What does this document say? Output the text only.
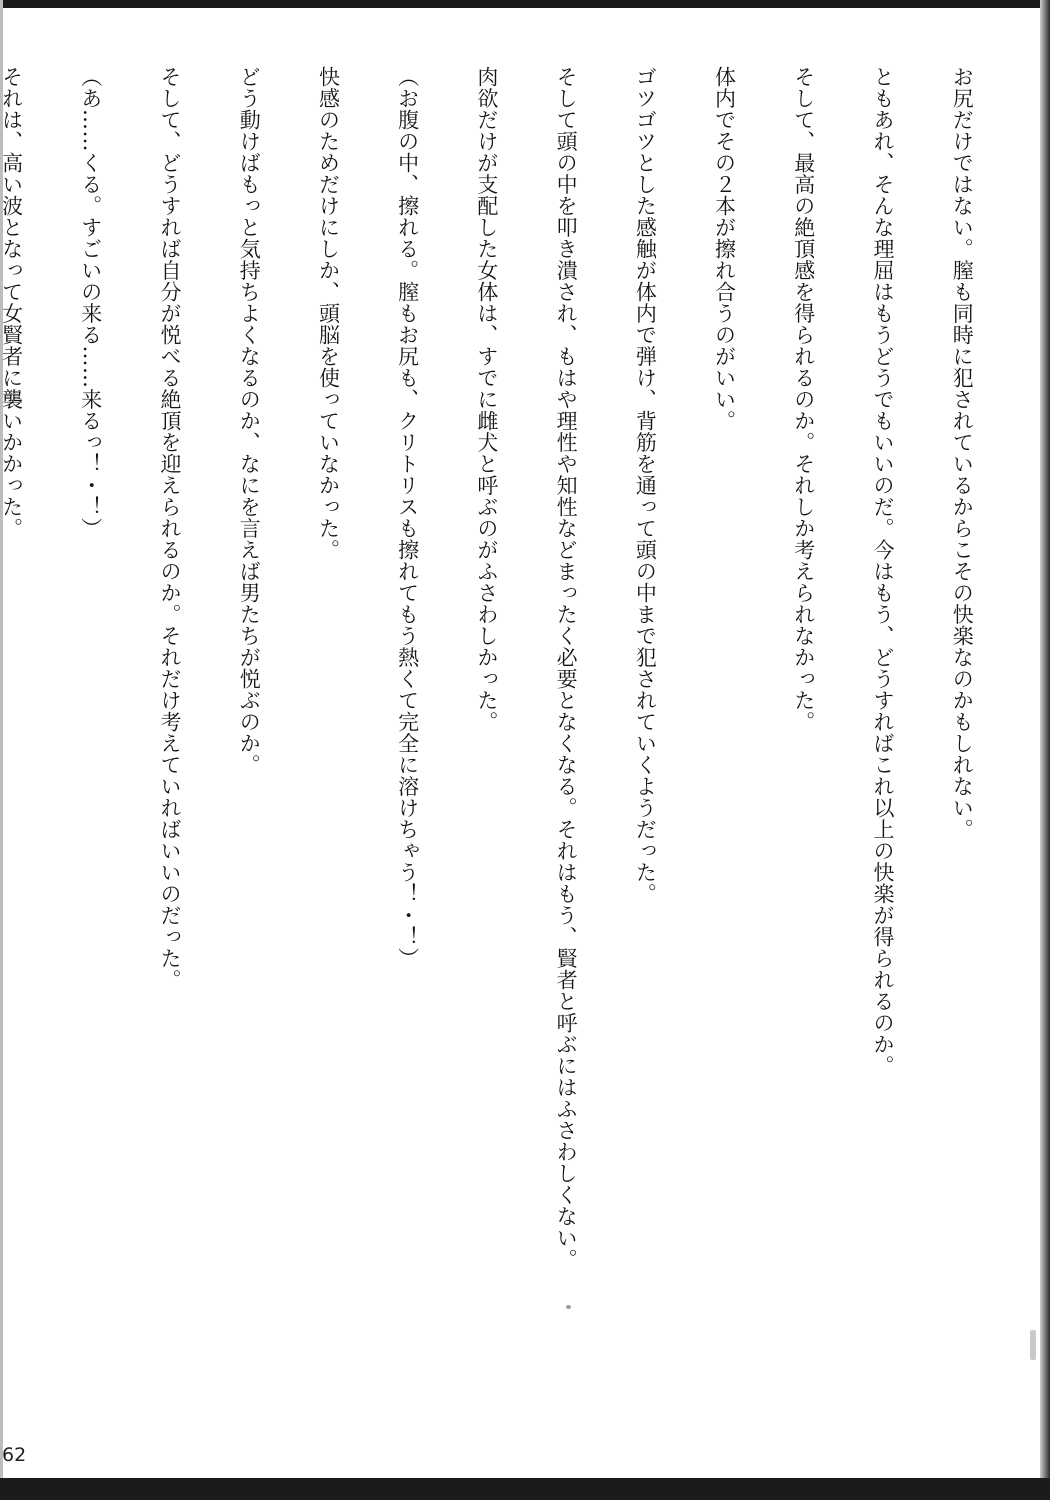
お尻だけではない。膣も同時に犯されているからこその快楽なのかもしれない。

ともあれ、そんな理屈はもうどうでもいいのだ。今はもう、どうすればこれ以上の快楽が得られるのか。

そして、最高の絶頂感を得られるのか。それしか考えられなかった。

体内でその２本が擦れ合うのがいい。

ゴツゴツとした感触が体内で弾け、背筋を通って頭の中まで犯されていくようだった。

そして頭の中を叩き潰され、もはや理性や知性などまったく必要となくなる。それはもう、賢者と呼ぶにはふさわしくない。

肉欲だけが支配した女体は、すでに雌犬と呼ぶのがふさわしかった。

（お腹の中、擦れる。膣もお尻も、クリトリスも擦れてもう熱くて完全に溶けちゃう！・！）

快感のためだけにしか、頭脳を使っていなかった。

どう動けばもっと気持ちよくなるのか、なにを言えば男たちが悦ぶのか。

そして、どうすれば自分が悦べる絶頂を迎えられるのか。それだけ考えていればいいのだった。

（あ……くる。すごいの来る……来るっ！・！）

それは、高い波となって女賢者に襲いかかった。

62
